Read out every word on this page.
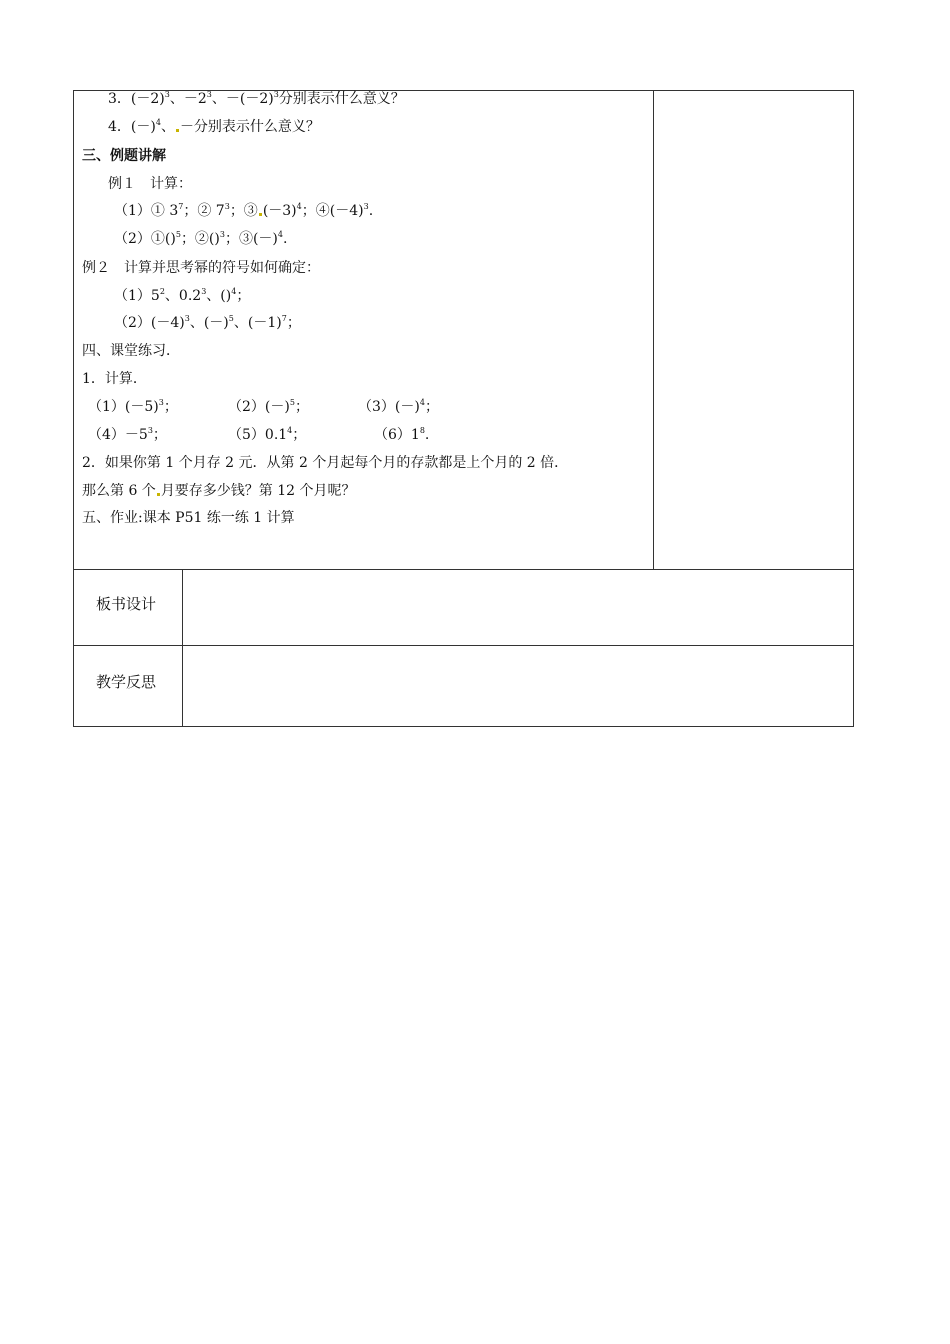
3．$(-2)^3$、$-2^3$、$-(-2)^3$分别表示什么意义？
4．$(-)^4$、 －分别表示什么意义？
三、例题讲解
例１　计算：
（1）① $3^7$；② $7^3$；③ $(-3)^4$；$④(-4)^3$.
（2）①()$^5$；②()$^3$；$③(-)^4$.
例２　计算并思考幂的符号如何确定：
$(1)5^2$、$0.2^3$、()$^4$；
$(2)(-4)^3$、$(-)^5$、$(-1)^7$；
四、课堂练习．
1．计算．
$(1)(-5)^3$；	$(2)(-)^5$；	$(3)(-)^4$；
$(4)-5^3$；	$(5)0.1^4$；	$(6)1^8$.
2．如果你第 1 个月存 2 元．从第 2 个月起每个月的存款都是上个月的 2 倍．
那么第 6 个 月要存多少钱？第 12 个月呢？
五、作业:课本 P51 练一练 1 计算
板书设计
教学反思
